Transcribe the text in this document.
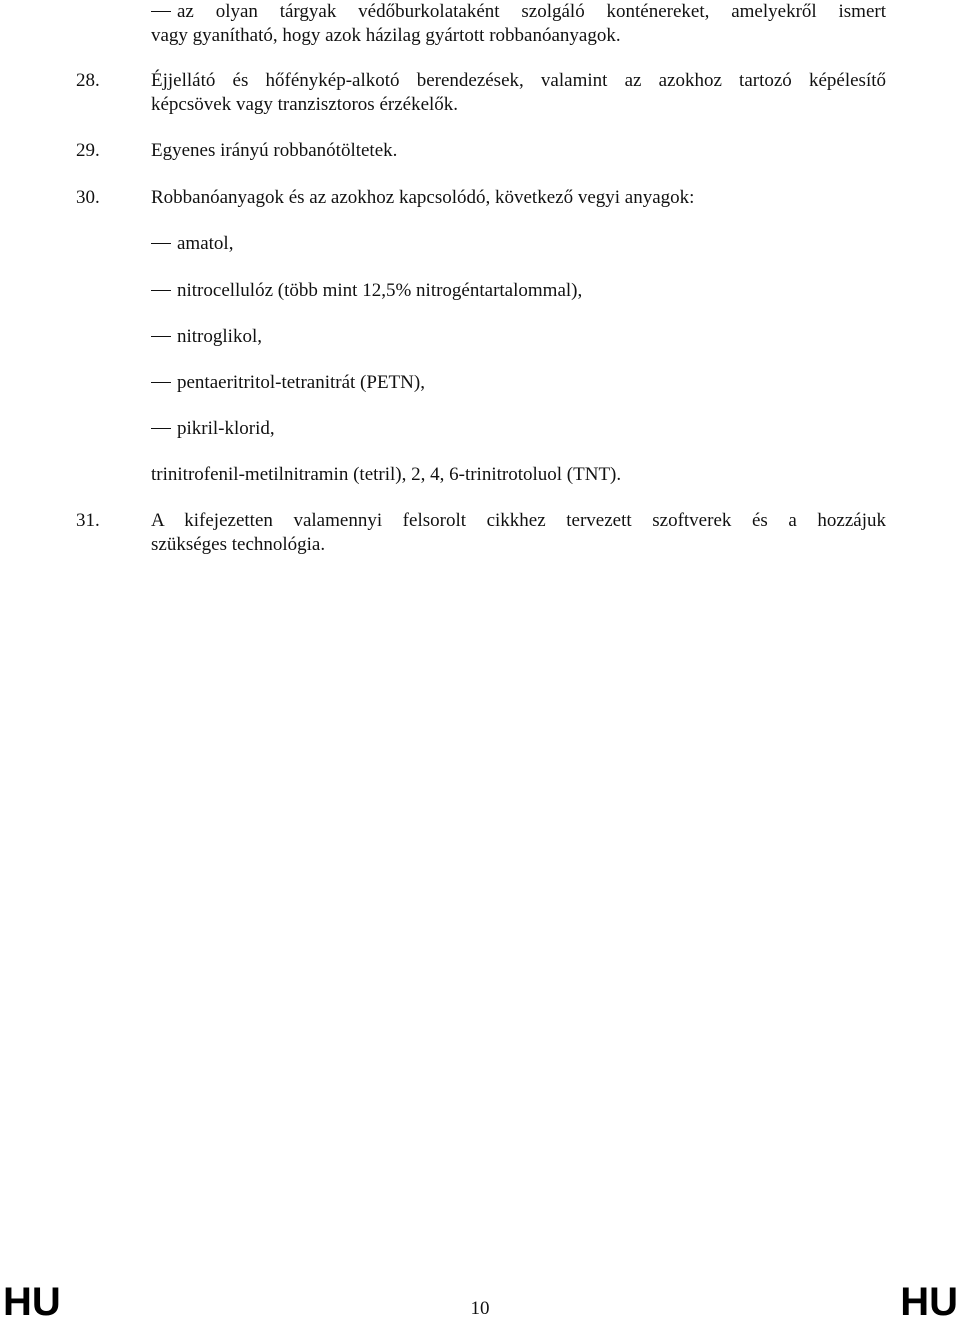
az olyan tárgyak védőburkolataként szolgáló konténereket, amelyekről ismert
vagy gyanítható, hogy azok házilag gyártott robbanóanyagok.
28.	Éjjellátó és hőfénykép-alkotó berendezések, valamint az azokhoz tartozó képélesítő
képcsövek vagy tranzisztoros érzékelők.
29.	Egyenes irányú robbanótöltetek.
30.	Robbanóanyagok és az azokhoz kapcsolódó, következő vegyi anyagok:
amatol,
nitrocellulóz (több mint 12,5% nitrogéntartalommal),
nitroglikol,
pentaeritritol-tetranitrát (PETN),
pikril-klorid,
trinitrofenil-metilnitramin (tetril), 2, 4, 6-trinitrotoluol (TNT).
31.	A kifejezetten valamennyi felsorolt cikkhez tervezett szoftverek és a hozzájuk
szükséges technológia.
HU	10	HU
